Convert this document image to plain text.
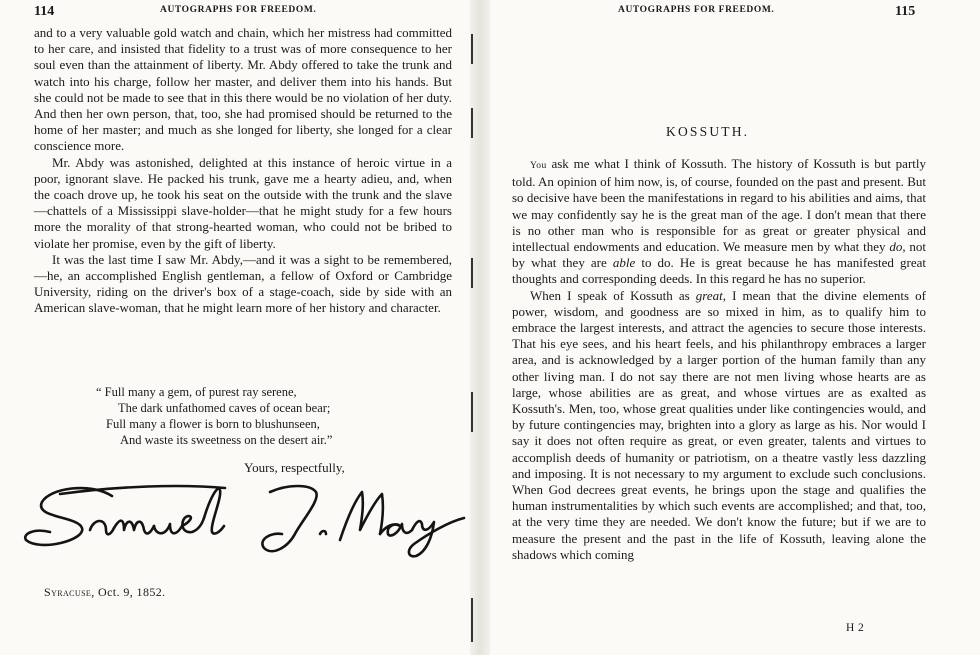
114	AUTOGRAPHS FOR FREEDOM.

and to a very valuable gold watch and chain, which her mistress had committed to her care, and insisted that fidelity to a trust was of more consequence to her soul even than the attainment of liberty. Mr. Abdy offered to take the trunk and watch into his charge, follow her master, and deliver them into his hands. But she could not be made to see that in this there would be no violation of her duty. And then her own person, that, too, she had promised should be returned to the home of her master; and much as she longed for liberty, she longed for a clear conscience more.

Mr. Abdy was astonished, delighted at this instance of heroic virtue in a poor, ignorant slave. He packed his trunk, gave me a hearty adieu, and, when the coach drove up, he took his seat on the outside with the trunk and the slave—chattels of a Mississippi slave-holder—that he might study for a few hours more the morality of that strong-hearted woman, who could not be bribed to violate her promise, even by the gift of liberty.

It was the last time I saw Mr. Abdy,—and it was a sight to be remembered,—he, an accomplished English gentleman, a fellow of Oxford or Cambridge University, riding on the driver's box of a stage-coach, side by side with an American slave-woman, that he might learn more of her history and character.

“ Full many a gem, of purest ray serene,
The dark unfathomed caves of ocean bear;
Full many a flower is born to blushunseen,
And waste its sweetness on the desert air.”
Yours, respectfully,
Syracuse, Oct. 9, 1852.
AUTOGRAPHS FOR FREEDOM.	115
KOSSUTH.

You ask me what I think of Kossuth. The history of Kossuth is but partly told. An opinion of him now, is, of course, founded on the past and present. But so decisive have been the manifestations in regard to his abilities and aims, that we may confidently say he is the great man of the age. I don't mean that there is no other man who is responsible for as great or greater physical and intellectual endowments and education. We measure men by what they do, not by what they are able to do. He is great because he has manifested great thoughts and corresponding deeds. In this regard he has no superior.

When I speak of Kossuth as great, I mean that the divine elements of power, wisdom, and goodness are so mixed in him, as to qualify him to embrace the largest interests, and attract the agencies to secure those interests. That his eye sees, and his heart feels, and his philanthropy embraces a larger area, and is acknowledged by a larger portion of the human family than any other living man. I do not say there are not men living whose hearts are as large, whose abilities are as great, and whose virtues are as exalted as Kossuth's. Men, too, whose great qualities under like contingencies would, and by future contingencies may, brighten into a glory as large as his. Nor would I say it does not often require as great, or even greater, talents and virtues to accomplish deeds of humanity or patriotism, on a theatre vastly less dazzling and imposing. It is not necessary to my argument to exclude such conclusions. When God decrees great events, he brings upon the stage and qualifies the human instrumentalities by which such events are accomplished; and that, too, at the very time they are needed. We don't know the future; but if we are to measure the present and the past in the life of Kossuth, leaving alone the shadows which coming

H 2
